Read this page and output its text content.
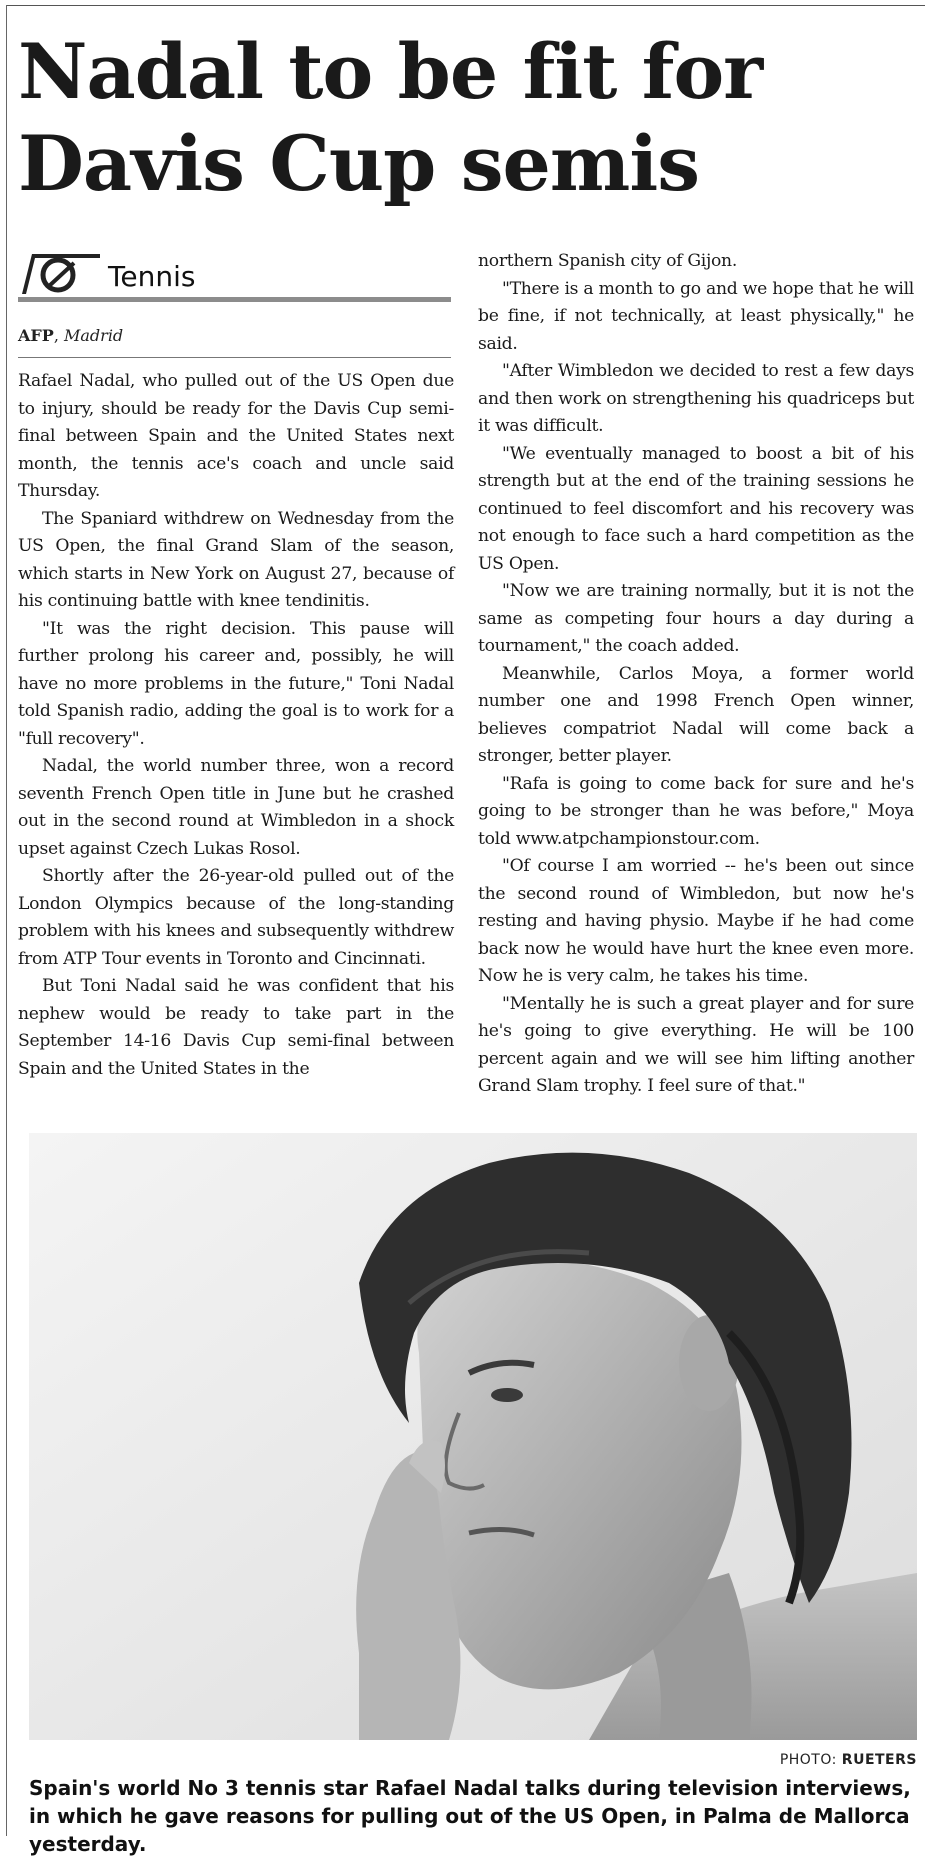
Nadal to be fit for
Davis Cup semis
Tennis
AFP, Madrid

Rafael Nadal, who pulled out of the US Open due to injury, should be ready for the Davis Cup semi-final between Spain and the United States next month, the tennis ace's coach and uncle said Thursday.

The Spaniard withdrew on Wednesday from the US Open, the final Grand Slam of the season, which starts in New York on August 27, because of his continuing battle with knee tendinitis.

"It was the right decision. This pause will further prolong his career and, possibly, he will have no more problems in the future," Toni Nadal told Spanish radio, adding the goal is to work for a "full recovery".

Nadal, the world number three, won a record seventh French Open title in June but he crashed out in the second round at Wimbledon in a shock upset against Czech Lukas Rosol.

Shortly after the 26-year-old pulled out of the London Olympics because of the long-standing problem with his knees and subsequently withdrew from ATP Tour events in Toronto and Cincinnati.

But Toni Nadal said he was confident that his nephew would be ready to take part in the September 14-16 Davis Cup semi-final between Spain and the United States in the

northern Spanish city of Gijon.

"There is a month to go and we hope that he will be fine, if not technically, at least physically," he said.

"After Wimbledon we decided to rest a few days and then work on strengthening his quadriceps but it was difficult.

"We eventually managed to boost a bit of his strength but at the end of the training sessions he continued to feel discomfort and his recovery was not enough to face such a hard competition as the US Open.

"Now we are training normally, but it is not the same as competing four hours a day during a tournament," the coach added.

Meanwhile, Carlos Moya, a former world number one and 1998 French Open winner, believes compatriot Nadal will come back a stronger, better player.

"Rafa is going to come back for sure and he's going to be stronger than he was before," Moya told www.atpchampionstour.com.

"Of course I am worried -- he's been out since the second round of Wimbledon, but now he's resting and having physio. Maybe if he had come back now he would have hurt the knee even more. Now he is very calm, he takes his time.

"Mentally he is such a great player and for sure he's going to give everything. He will be 100 percent again and we will see him lifting another Grand Slam trophy. I feel sure of that."

PHOTO: RUETERS
Spain's world No 3 tennis star Rafael Nadal talks during television interviews, in which he gave reasons for pulling out of the US Open, in Palma de Mallorca yesterday.
